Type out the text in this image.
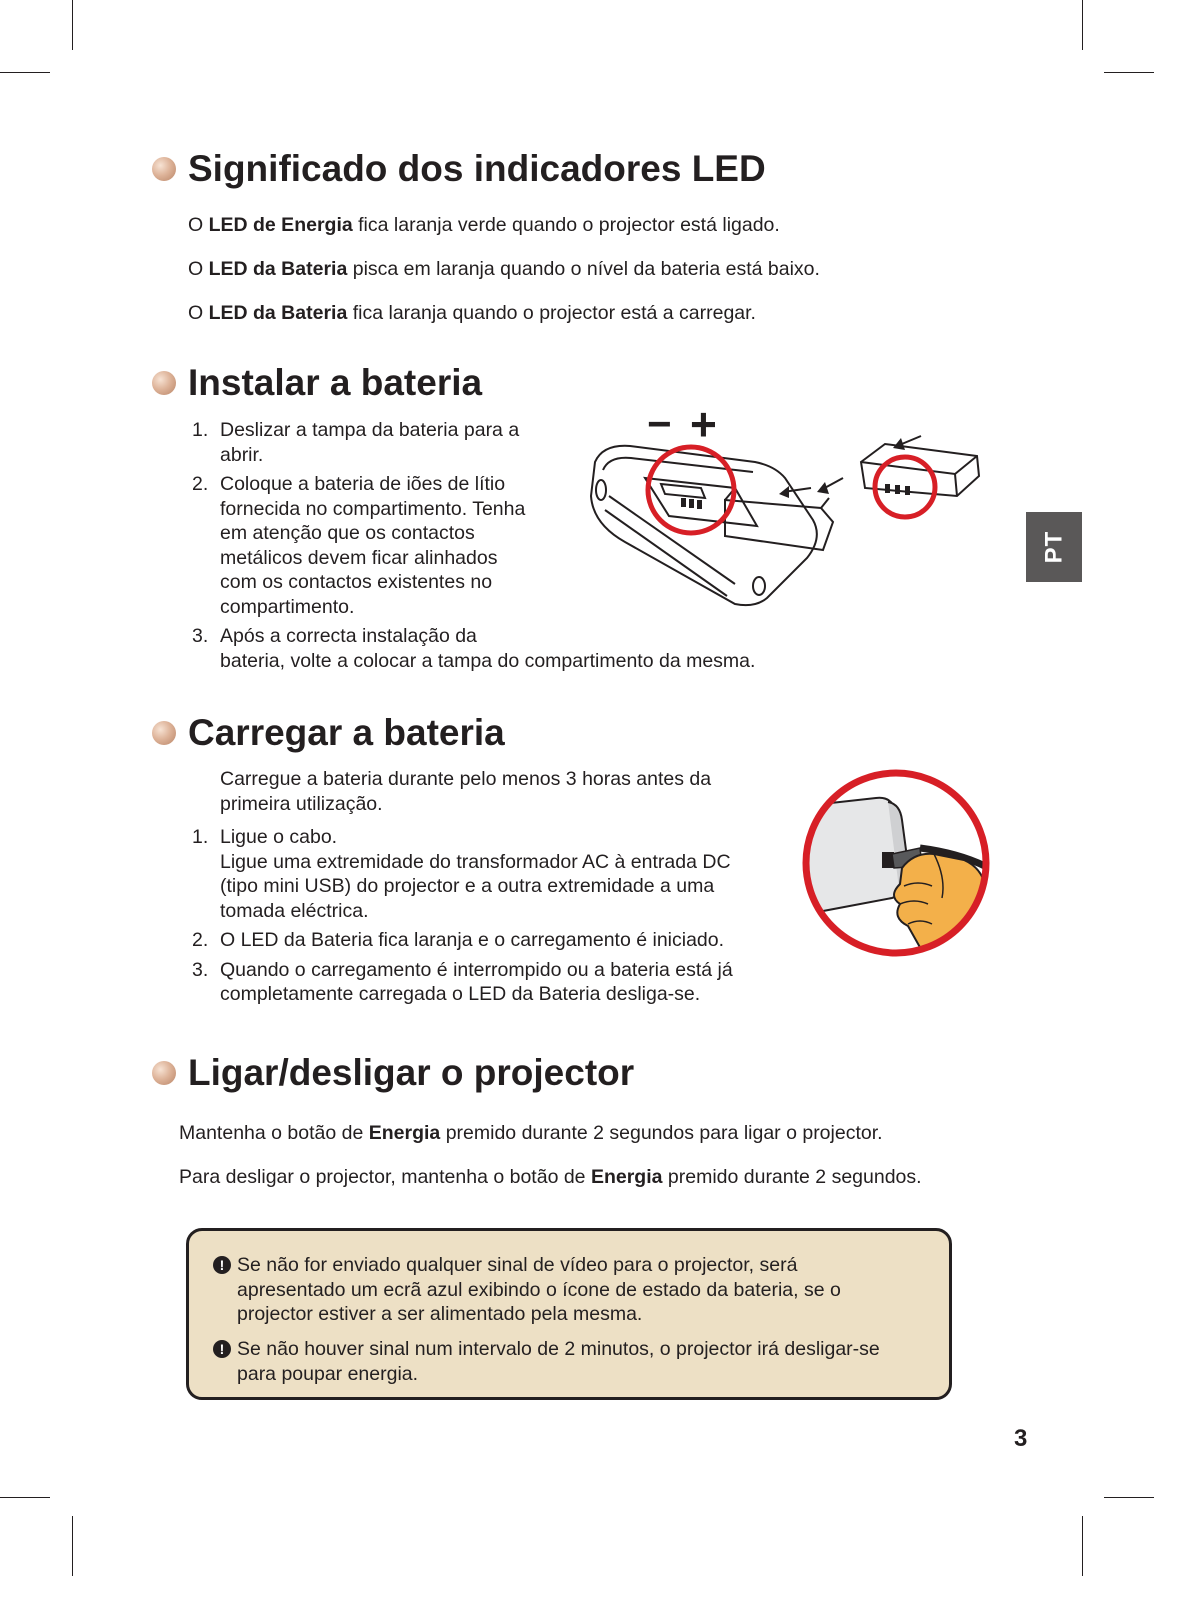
Significado dos indicadores LED
O LED de Energia fica laranja verde quando o projector está ligado.
O LED da Bateria pisca em laranja quando o nível da bateria está baixo.
O LED da Bateria fica laranja quando o projector está a carregar.
Instalar a bateria
1. Deslizar a tampa da bateria para a
abrir.
2. Coloque a bateria de iões de lítio
fornecida no compartimento. Tenha
em atenção que os contactos
metálicos devem ficar alinhados
com os contactos existentes no
compartimento.
3. Após a correcta instalação da
bateria, volte a colocar a tampa do compartimento da mesma.
− +
PT
Carregar a bateria
Carregue a bateria durante pelo menos 3 horas antes da
primeira utilização.
1. Ligue o cabo.
Ligue uma extremidade do transformador AC à entrada DC
(tipo mini USB) do projector e a outra extremidade a uma
tomada eléctrica.
2. O LED da Bateria fica laranja e o carregamento é iniciado.
3. Quando o carregamento é interrompido ou a bateria está já
completamente carregada o LED da Bateria desliga-se.
Ligar/desligar o projector
Mantenha o botão de Energia premido durante 2 segundos para ligar o projector.
Para desligar o projector, mantenha o botão de Energia premido durante 2 segundos.
! Se não for enviado qualquer sinal de vídeo para o projector, será
apresentado um ecrã azul exibindo o ícone de estado da bateria, se o
projector estiver a ser alimentado pela mesma.
! Se não houver sinal num intervalo de 2 minutos, o projector irá desligar-se
para poupar energia.
3
